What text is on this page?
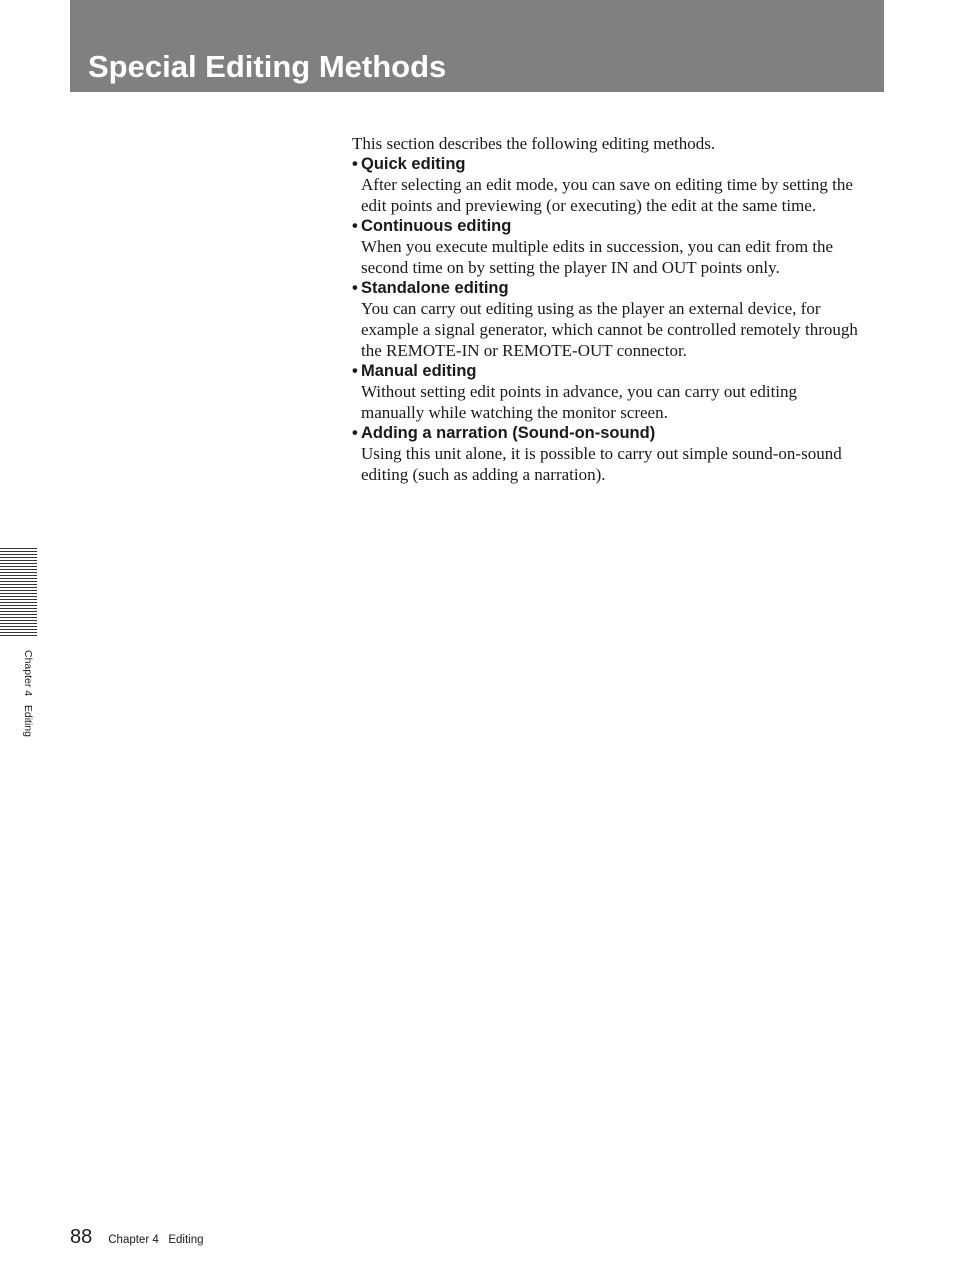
Special Editing Methods

This section describes the following editing methods.

• Quick editing

After selecting an edit mode, you can save on editing time by setting the
edit points and previewing (or executing) the edit at the same time.

• Continuous editing

When you execute multiple edits in succession, you can edit from the
second time on by setting the player IN and OUT points only.

• Standalone editing

You can carry out editing using as the player an external device, for
example a signal generator, which cannot be controlled remotely through
the REMOTE-IN or REMOTE-OUT connector.

• Manual editing

Without setting edit points in advance, you can carry out editing
manually while watching the monitor screen.

• Adding a narration (Sound-on-sound)

Using this unit alone, it is possible to carry out simple sound-on-sound
editing (such as adding a narration).

Chapter 4   Editing
88 Chapter 4   Editing
